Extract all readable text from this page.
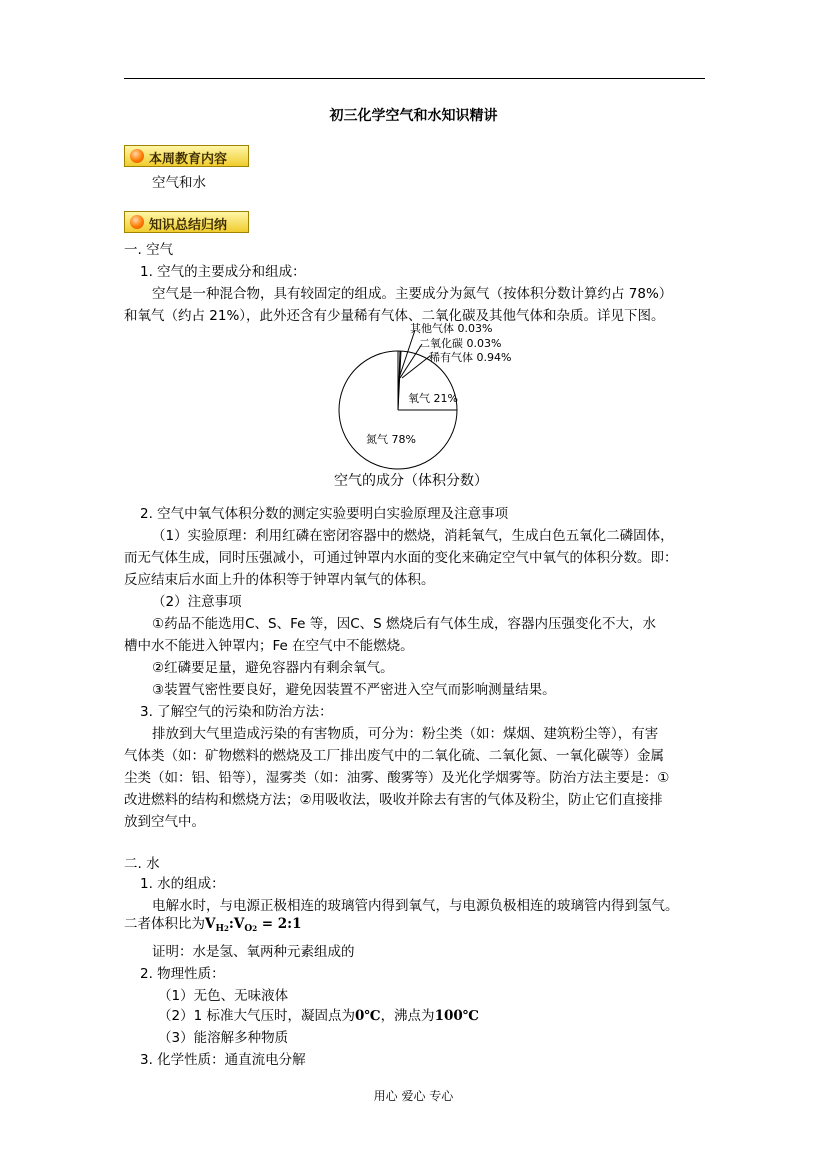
初三化学空气和水知识精讲
本周教育内容
空气和水
知识总结归纳
一. 空气
1. 空气的主要成分和组成：
空气是一种混合物，具有较固定的组成。主要成分为氮气（按体积分数计算约占 78%）
和氧气（约占 21%），此外还含有少量稀有气体、二氧化碳及其他气体和杂质。详见下图。
其他气体 0.03%
二氧化碳 0.03%
稀有气体 0.94%
氧气 21%
氮气 78%
空气的成分（体积分数）
2. 空气中氧气体积分数的测定实验要明白实验原理及注意事项
（1）实验原理：利用红磷在密闭容器中的燃烧，消耗氧气，生成白色五氧化二磷固体，
而无气体生成，同时压强减小，可通过钟罩内水面的变化来确定空气中氧气的体积分数。即：
反应结束后水面上升的体积等于钟罩内氧气的体积。
（2）注意事项
①药品不能选用C、S、Fe 等，因C、S 燃烧后有气体生成，容器内压强变化不大，水
槽中水不能进入钟罩内；Fe 在空气中不能燃烧。
②红磷要足量，避免容器内有剩余氧气。
③装置气密性要良好，避免因装置不严密进入空气而影响测量结果。
3. 了解空气的污染和防治方法：
排放到大气里造成污染的有害物质，可分为：粉尘类（如：煤烟、建筑粉尘等），有害
气体类（如：矿物燃料的燃烧及工厂排出废气中的二氧化硫、二氧化氮、一氧化碳等）金属
尘类（如：铝、铅等），湿雾类（如：油雾、酸雾等）及光化学烟雾等。防治方法主要是：①
改进燃料的结构和燃烧方法；②用吸收法，吸收并除去有害的气体及粉尘，防止它们直接排
放到空气中。
二. 水
1. 水的组成：
电解水时，与电源正极相连的玻璃管内得到氧气，与电源负极相连的玻璃管内得到氢气。
二者体积比为$V_{H2}:V_{O2}$ = 2:1
证明：水是氢、氧两种元素组成的
2. 物理性质：
（1）无色、无味液体
（2）1 标准大气压时，凝固点为0℃，沸点为100℃
（3）能溶解多种物质
3. 化学性质：通直流电分解
用心 爱心 专心
